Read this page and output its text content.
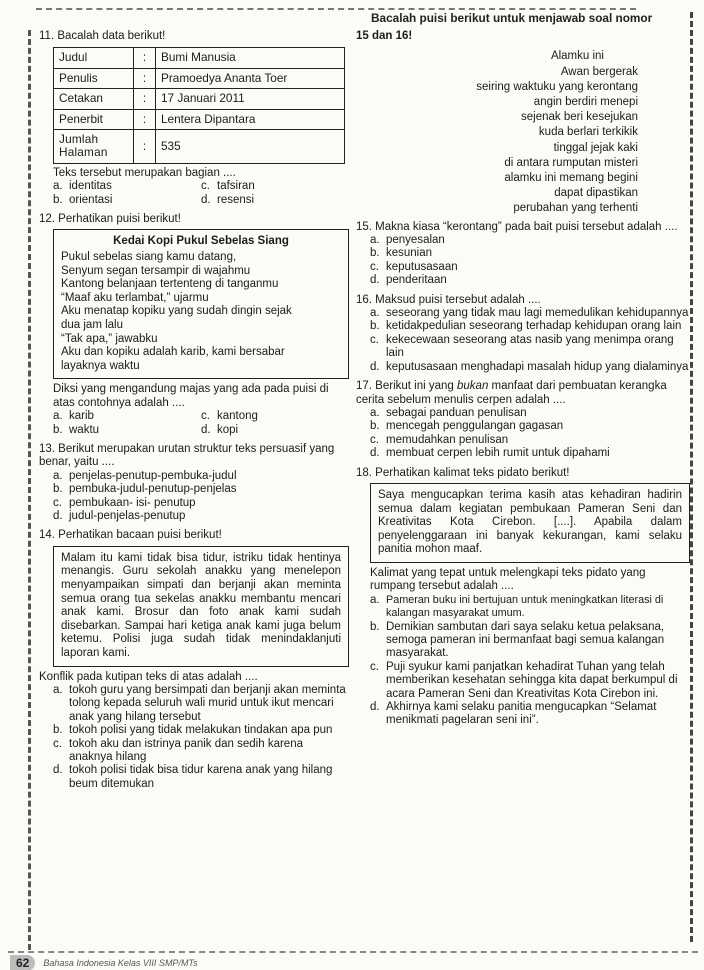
Bacalah puisi berikut untuk menjawab soal nomor
11. Bacalah data berikut!
Judul	:	Bumi Manusia
Penulis	:	Pramoedya Ananta Toer
Cetakan	:	17 Januari 2011
Penerbit	:	Lentera Dipantara
Jumlah Halaman	:	535
Teks tersebut merupakan bagian ....
a. identitas	c. tafsiran
b. orientasi	d. resensi
12. Perhatikan puisi berikut!
Kedai Kopi Pukul Sebelas Siang
Pukul sebelas siang kamu datang,
Senyum segan tersampir di wajahmu
Kantong belanjaan tertenteng di tanganmu
“Maaf aku terlambat,” ujarmu
Aku menatap kopiku yang sudah dingin sejak
dua jam lalu
“Tak apa,” jawabku
Aku dan kopiku adalah karib, kami bersabar
layaknya waktu
Diksi yang mengandung majas yang ada pada puisi di atas contohnya adalah ....
a. karib	c. kantong
b. waktu	d. kopi
13. Berikut merupakan urutan struktur teks persuasif yang benar, yaitu ....
a. penjelas-penutup-pembuka-judul
b. pembuka-judul-penutup-penjelas
c. pembukaan- isi- penutup
d. judul-penjelas-penutup
14. Perhatikan bacaan puisi berikut!
Malam itu kami tidak bisa tidur, istriku tidak hentinya menangis. Guru sekolah anakku yang menelepon menyampaikan simpati dan berjanji akan meminta semua orang tua sekelas anakku membantu mencari anak kami. Brosur dan foto anak kami sudah disebarkan. Sampai hari ketiga anak kami juga belum ketemu. Polisi juga sudah tidak menindaklanjuti laporan kami.
Konflik pada kutipan teks di atas adalah ....
a. tokoh guru yang bersimpati dan berjanji akan meminta tolong kepada seluruh wali murid untuk ikut mencari anak yang hilang tersebut
b. tokoh polisi yang tidak melakukan tindakan apa pun
c. tokoh aku dan istrinya panik dan sedih karena anaknya hilang
d. tokoh polisi tidak bisa tidur karena anak yang hilang beum ditemukan
15 dan 16!
Alamku ini
Awan bergerak
seiring waktuku yang kerontang
angin berdiri menepi
sejenak beri kesejukan
kuda berlari terkikik
tinggal jejak kaki
di antara rumputan misteri
alamku ini memang begini
dapat dipastikan
perubahan yang terhenti
15. Makna kiasa “kerontang” pada bait puisi tersebut adalah ....
a. penyesalan
b. kesunian
c. keputusasaan
d. penderitaan
16. Maksud puisi tersebut adalah ....
a. seseorang yang tidak mau lagi memedulikan kehidupannya
b. ketidakpedulian seseorang terhadap kehidupan orang lain
c. kekecewaan seseorang atas nasib yang menimpa orang lain
d. keputusasaan menghadapi masalah hidup yang dialaminya
17. Berikut ini yang bukan manfaat dari pembuatan kerangka cerita sebelum menulis cerpen adalah ....
a. sebagai panduan penulisan
b. mencegah penggulangan gagasan
c. memudahkan penulisan
d. membuat cerpen lebih rumit untuk dipahami
18. Perhatikan kalimat teks pidato berikut!
Saya mengucapkan terima kasih atas kehadiran hadirin semua dalam kegiatan pembukaan Pameran Seni dan Kreativitas Kota Cirebon. [....]. Apabila dalam penyelenggaraan ini banyak kekurangan, kami selaku panitia mohon maaf.
Kalimat yang tepat untuk melengkapi teks pidato yang rumpang tersebut adalah ....
a. Pameran buku ini bertujuan untuk meningkatkan literasi di kalangan masyarakat umum.
b. Demikian sambutan dari saya selaku ketua pelaksana, semoga pameran ini bermanfaat bagi semua kalangan masyarakat.
c. Puji syukur kami panjatkan kehadirat Tuhan yang telah memberikan kesehatan sehingga kita dapat berkumpul di acara Pameran Seni dan Kreativitas Kota Cirebon ini.
d. Akhirnya kami selaku panitia mengucapkan “Selamat menikmati pagelaran seni ini”.
62	Bahasa Indonesia Kelas VIII SMP/MTs
